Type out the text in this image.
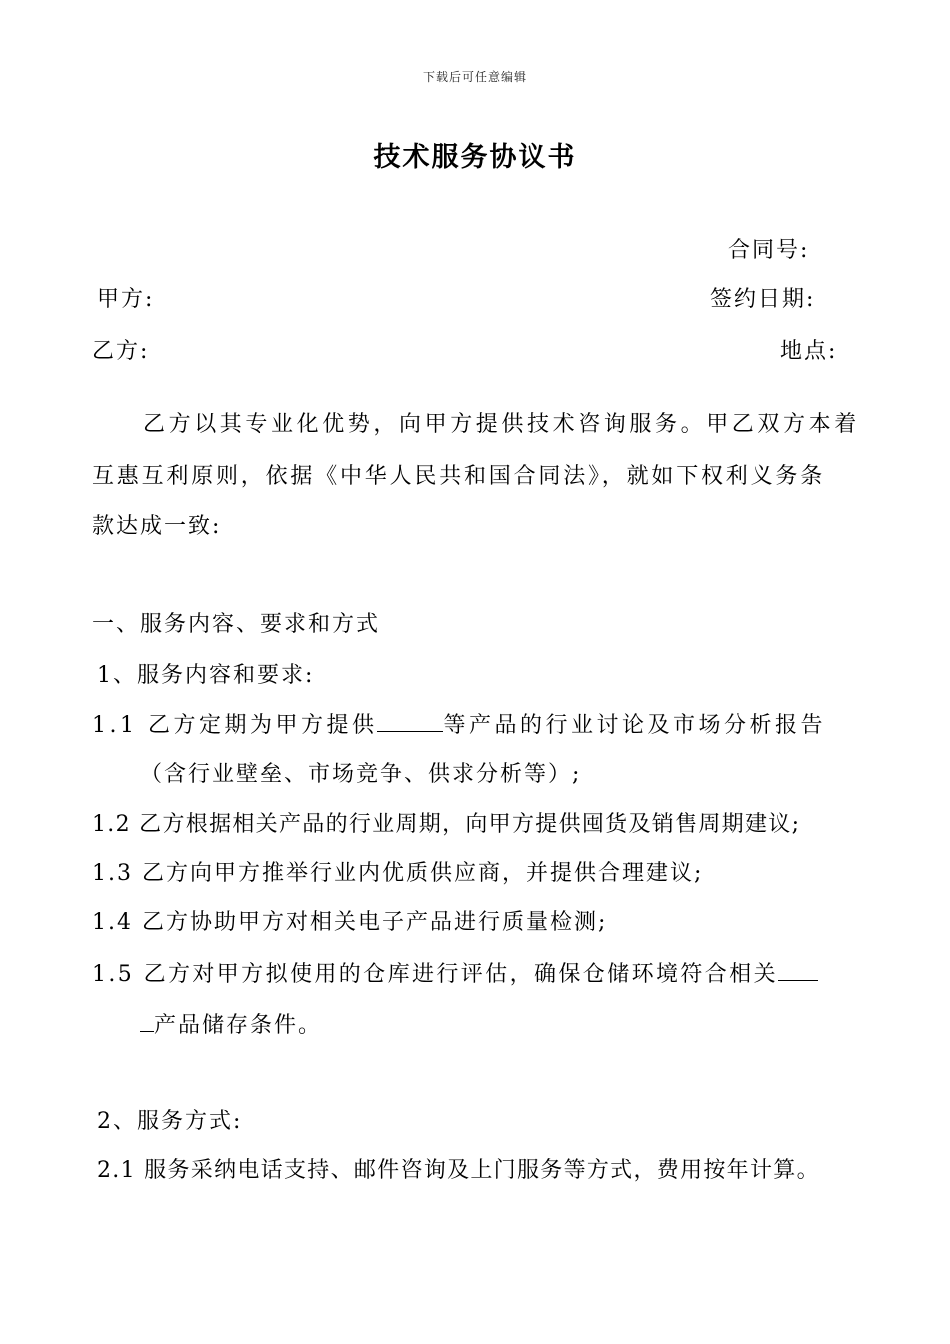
下载后可任意编辑
技术服务协议书
合同号:
甲方:	签约日期:
乙方:	地点:
乙方以其专业化优势，向甲方提供技术咨询服务。甲乙双方本着
互惠互利原则，依据《中华人民共和国合同法》，就如下权利义务条
款达成一致:
一、服务内容、要求和方式
1、服务内容和要求:
1.1 乙方定期为甲方提供	等产品的行业讨论及市场分析报告
（含行业壁垒、市场竞争、供求分析等）;
1.2 乙方根据相关产品的行业周期，向甲方提供囤货及销售周期建议;
1.3 乙方向甲方推举行业内优质供应商，并提供合理建议;
1.4 乙方协助甲方对相关电子产品进行质量检测;
1.5 乙方对甲方拟使用的仓库进行评估，确保仓储环境符合相关
产品储存条件。
2、服务方式:
2.1 服务采纳电话支持、邮件咨询及上门服务等方式，费用按年计算。
